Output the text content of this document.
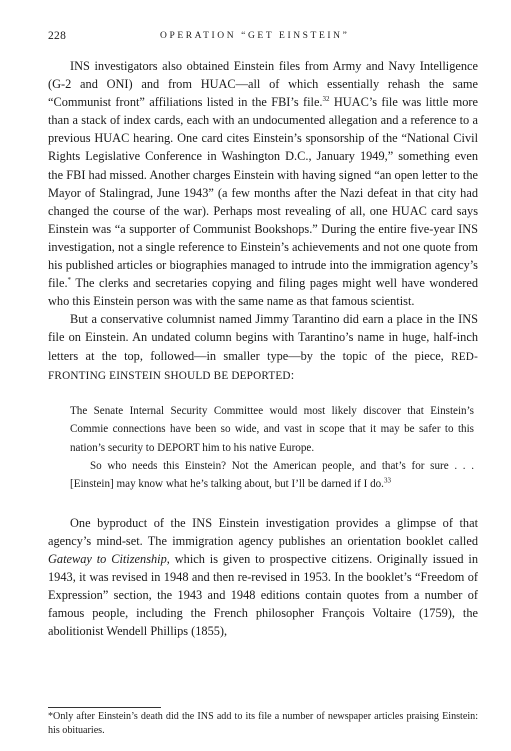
228	OPERATION “GET EINSTEIN”

INS investigators also obtained Einstein files from Army and Navy Intelligence (G-2 and ONI) and from HUAC—all of which essentially rehash the same “Communist front” affiliations listed in the FBI’s file.$^{32}$ HUAC’s file was little more than a stack of index cards, each with an undocumented allegation and a reference to a previous HUAC hearing. One card cites Einstein’s sponsorship of the “National Civil Rights Legislative Conference in Washington D.C., January 1949,” something even the FBI had missed. Another charges Einstein with having signed “an open letter to the Mayor of Stalingrad, June 1943” (a few months after the Nazi defeat in that city had changed the course of the war). Perhaps most revealing of all, one HUAC card says Einstein was “a supporter of Communist Bookshops.” During the entire five-year INS investigation, not a single reference to Einstein’s achievements and not one quote from his published articles or biographies managed to intrude into the immigration agency’s file.* The clerks and secretaries copying and filing pages might well have wondered who this Einstein person was with the same name as that famous scientist.

But a conservative columnist named Jimmy Tarantino did earn a place in the INS file on Einstein. An undated column begins with Tarantino’s name in huge, half-inch letters at the top, followed—in smaller type—by the topic of the piece, RED-FRONTING EINSTEIN SHOULD BE DEPORTED:

The Senate Internal Security Committee would most likely discover that Einstein’s Commie connections have been so wide, and vast in scope that it may be safer to this nation’s security to DEPORT him to his native Europe.

So who needs this Einstein? Not the American people, and that’s for sure . . . [Einstein] may know what he’s talking about, but I’ll be darned if I do.$^{33}$

One byproduct of the INS Einstein investigation provides a glimpse of that agency’s mind-set. The immigration agency publishes an orientation booklet called Gateway to Citizenship, which is given to prospective citizens. Originally issued in 1943, it was revised in 1948 and then re-revised in 1953. In the booklet’s “Freedom of Expression” section, the 1943 and 1948 editions contain quotes from a number of famous people, including the French philosopher François Voltaire (1759), the abolitionist Wendell Phillips (1855),

*Only after Einstein’s death did the INS add to its file a number of newspaper articles praising Einstein: his obituaries.
